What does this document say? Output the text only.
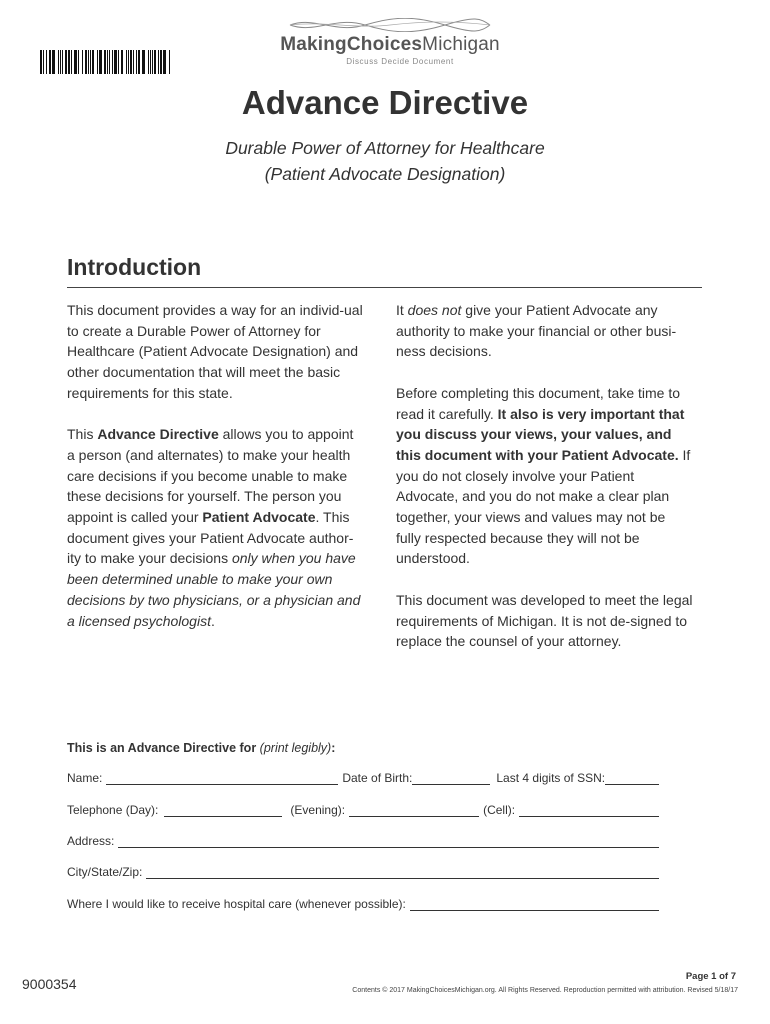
MakingChoicesMichigan
Discuss Decide Document
Advance Directive
Durable Power of Attorney for Healthcare
(Patient Advocate Designation)
Introduction

This document provides a way for an individ-ual to create a Durable Power of Attorney for Healthcare (Patient Advocate Designation) and other documentation that will meet the basic requirements for this state.

This Advance Directive allows you to appoint a person (and alternates) to make your health care decisions if you become unable to make these decisions for yourself. The person you appoint is called your Patient Advocate. This document gives your Patient Advocate author-ity to make your decisions only when you have been determined unable to make your own decisions by two physicians, or a physician and a licensed psychologist.

It does not give your Patient Advocate any authority to make your financial or other busi-ness decisions.

Before completing this document, take time to read it carefully. It also is very important that you discuss your views, your values, and this document with your Patient Advocate. If you do not closely involve your Patient Advocate, and you do not make a clear plan together, your views and values may not be fully respected because they will not be understood.

This document was developed to meet the legal requirements of Michigan. It is not de-signed to replace the counsel of your attorney.

This is an Advance Directive for (print legibly):
Name:	Date of Birth:	Last 4 digits of SSN:
Telephone (Day):	(Evening):	(Cell):
Address:
City/State/Zip:
Where I would like to receive hospital care (whenever possible):
9000354	Page 1 of 7
Contents © 2017 MakingChoicesMichigan.org. All Rights Reserved. Reproduction permitted with attribution. Revised 5/18/17
